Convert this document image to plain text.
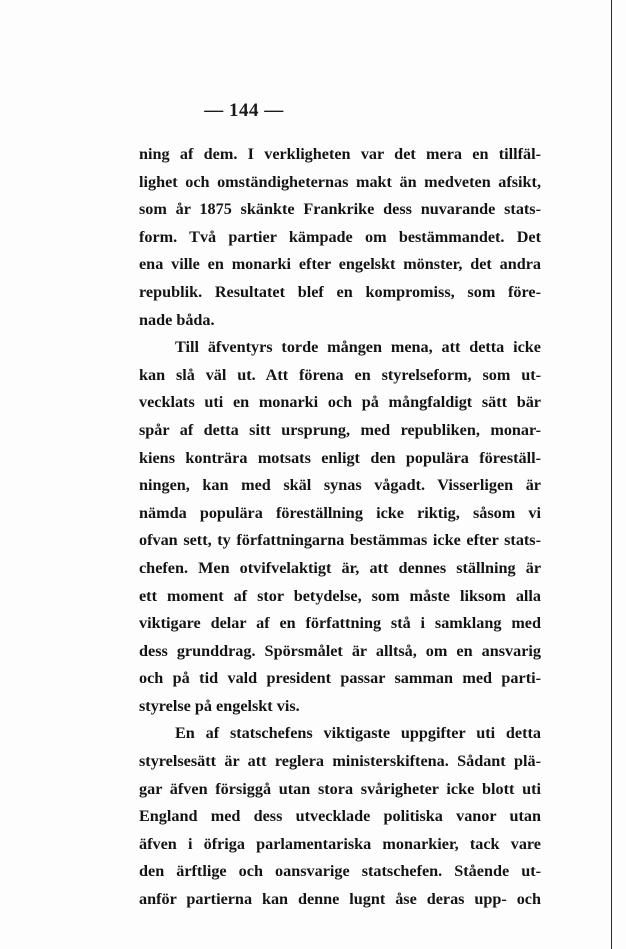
— 144 —
ning af dem. I verkligheten var det mera en tillfäl-
lighet och omständigheternas makt än medveten afsikt,
som år 1875 skänkte Frankrike dess nuvarande stats-
form. Två partier kämpade om bestämmandet. Det
ena ville en monarki efter engelskt mönster, det andra
republik. Resultatet blef en kompromiss, som före-
nade båda.
Till äfventyrs torde mången mena, att detta icke
kan slå väl ut. Att förena en styrelseform, som ut-
vecklats uti en monarki och på mångfaldigt sätt bär
spår af detta sitt ursprung, med republiken, monar-
kiens konträra motsats enligt den populära föreställ-
ningen, kan med skäl synas vågadt. Visserligen är
nämda populära föreställning icke riktig, såsom vi
ofvan sett, ty författningarna bestämmas icke efter stats-
chefen. Men otvifvelaktigt är, att dennes ställning är
ett moment af stor betydelse, som måste liksom alla
viktigare delar af en författning stå i samklang med
dess grunddrag. Spörsmålet är alltså, om en ansvarig
och på tid vald president passar samman med parti-
styrelse på engelskt vis.
En af statschefens viktigaste uppgifter uti detta
styrelsesätt är att reglera ministerskiftena. Sådant plä-
gar äfven försiggå utan stora svårigheter icke blott uti
England med dess utvecklade politiska vanor utan
äfven i öfriga parlamentariska monarkier, tack vare
den ärftlige och oansvarige statschefen. Stående ut-
anför partierna kan denne lugnt åse deras upp- och
